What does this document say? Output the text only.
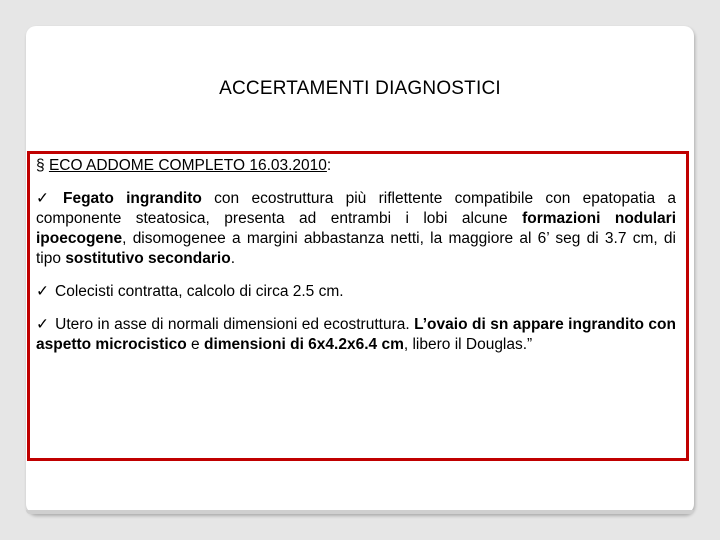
ACCERTAMENTI DIAGNOSTICI

§ ECO ADDOME COMPLETO 16.03.2010:

✓ Fegato ingrandito con ecostruttura più riflettente compatibile con epatopatia a componente steatosica, presenta ad entrambi i lobi alcune formazioni nodulari ipoecogene, disomogenee a margini abbastanza netti, la maggiore al 6’ seg di 3.7 cm, di tipo sostitutivo secondario.

✓ Colecisti contratta, calcolo di circa 2.5 cm.

✓ Utero in asse di normali dimensioni ed ecostruttura. L’ovaio di sn appare ingrandito con aspetto microcistico e dimensioni di 6x4.2x6.4 cm, libero il Douglas.”
